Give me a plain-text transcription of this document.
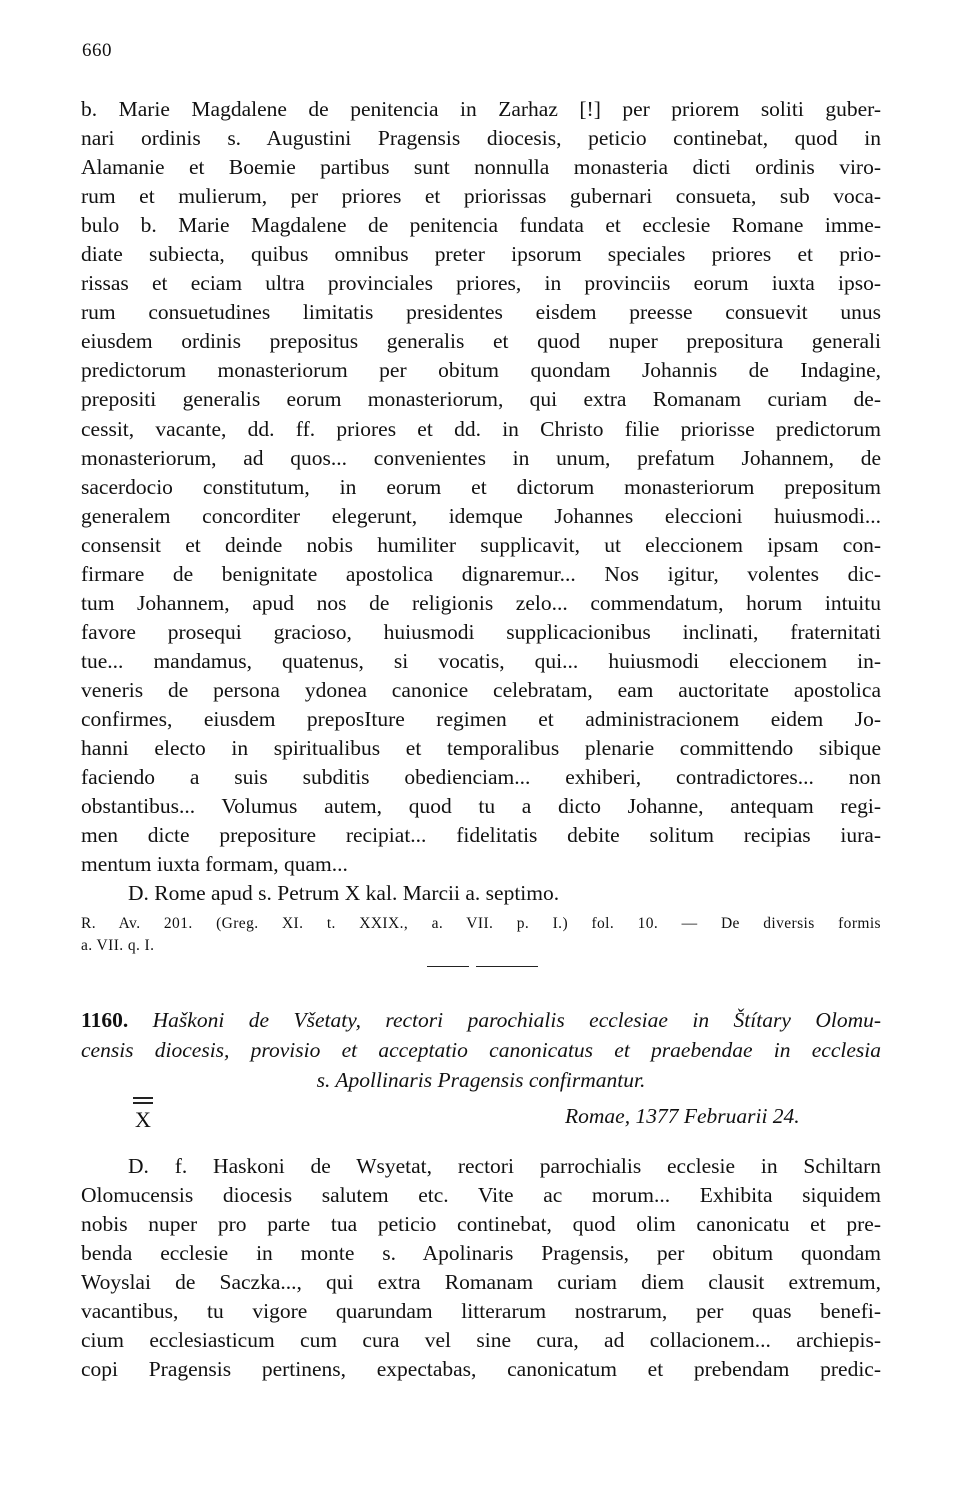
660
b. Marie Magdalene de penitencia in Zarhaz [!] per priorem soliti guber-
nari ordinis s. Augustini Pragensis diocesis, peticio continebat, quod in
Alamanie et Boemie partibus sunt nonnulla monasteria dicti ordinis viro-
rum et mulierum, per priores et priorissas gubernari consueta, sub voca-
bulo b. Marie Magdalene de penitencia fundata et ecclesie Romane imme-
diate subiecta, quibus omnibus preter ipsorum speciales priores et prio-
rissas et eciam ultra provinciales priores, in provinciis eorum iuxta ipso-
rum consuetudines limitatis presidentes eisdem preesse consuevit unus
eiusdem ordinis prepositus generalis et quod nuper prepositura generali
predictorum monasteriorum per obitum quondam Johannis de Indagine,
prepositi generalis eorum monasteriorum, qui extra Romanam curiam de-
cessit, vacante, dd. ff. priores et dd. in Christo filie priorisse predictorum
monasteriorum, ad quos... convenientes in unum, prefatum Johannem, de
sacerdocio constitutum, in eorum et dictorum monasteriorum prepositum
generalem concorditer elegerunt, idemque Johannes eleccioni huiusmodi...
consensit et deinde nobis humiliter supplicavit, ut eleccionem ipsam con-
firmare de benignitate apostolica dignaremur... Nos igitur, volentes dic-
tum Johannem, apud nos de religionis zelo... commendatum, horum intuitu
favore prosequi gracioso, huiusmodi supplicacionibus inclinati, fraternitati
tue... mandamus, quatenus, si vocatis, qui... huiusmodi eleccionem in-
veneris de persona ydonea canonice celebratam, eam auctoritate apostolica
confirmes, eiusdem preposIture regimen et administracionem eidem Jo-
hanni electo in spiritualibus et temporalibus plenarie committendo sibique
faciendo a suis subditis obedienciam... exhiberi, contradictores... non
obstantibus... Volumus autem, quod tu a dicto Johanne, antequam regi-
men dicte prepositure recipiat... fidelitatis debite solitum recipias iura-
mentum iuxta formam, quam...
D. Rome apud s. Petrum X kal. Marcii a. septimo.
R. Av. 201. (Greg. XI. t. XXIX., a. VII. p. I.) fol. 10. — De diversis formis
a. VII. q. I.
1160. Haškoni de Všetaty, rectori parochialis ecclesiae in Štítary Olomu-
censis diocesis, provisio et acceptatio canonicatus et praebendae in ecclesia
s. Apollinaris Pragensis confirmantur.
X	Romae, 1377 Februarii 24.
D. f. Haskoni de Wsyetat, rectori parrochialis ecclesie in Schiltarn
Olomucensis diocesis salutem etc. Vite ac morum... Exhibita siquidem
nobis nuper pro parte tua peticio continebat, quod olim canonicatu et pre-
benda ecclesie in monte s. Apolinaris Pragensis, per obitum quondam
Woyslai de Saczka..., qui extra Romanam curiam diem clausit extremum,
vacantibus, tu vigore quarundam litterarum nostrarum, per quas benefi-
cium ecclesiasticum cum cura vel sine cura, ad collacionem... archiepis-
copi Pragensis pertinens, expectabas, canonicatum et prebendam predic-
